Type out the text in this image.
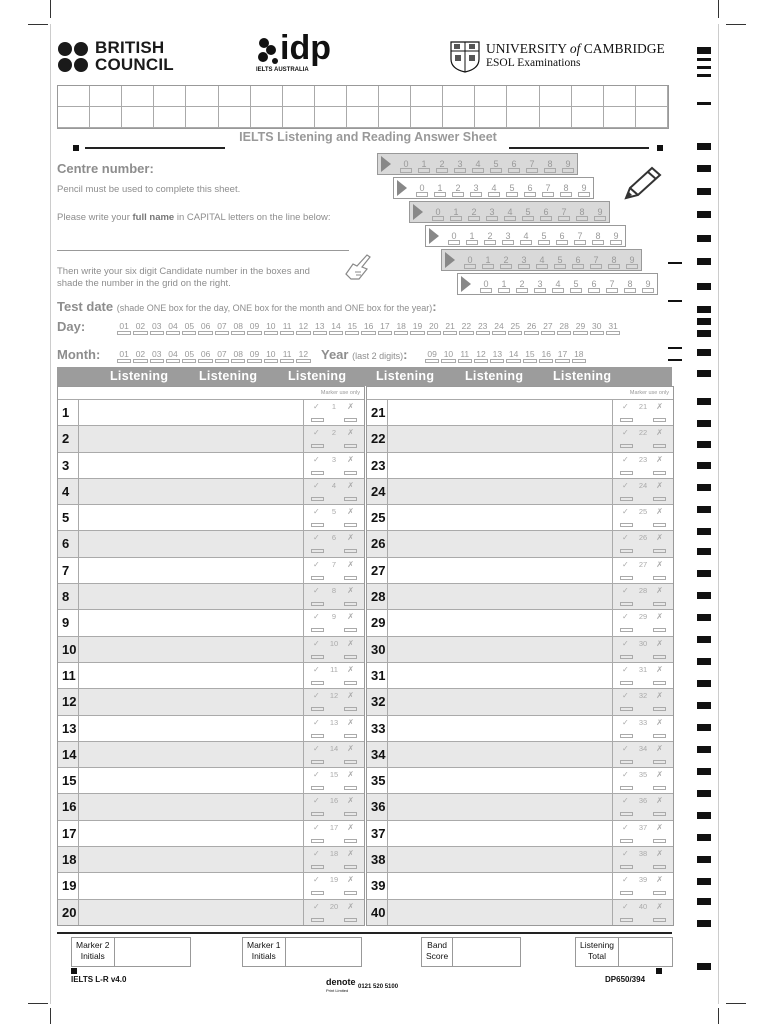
BRITISH
COUNCIL	idp
IELTS AUSTRALIA
UNIVERSITY of CAMBRIDGE
ESOL Examinations
IELTS Listening and Reading Answer Sheet
Centre number:
Pencil must be used to complete this sheet.
Please write your full name in CAPITAL letters on the line below:
Then write your six digit Candidate number in the boxes and shade the number in the grid on the right.
0	1	2	3	4	5	6	7	8	9
0	1	2	3	4	5	6	7	8	9
0	1	2	3	4	5	6	7	8	9
0	1	2	3	4	5	6	7	8	9
0	1	2	3	4	5	6	7	8	9
0	1	2	3	4	5	6	7	8	9
Test date (shade ONE box for the day, ONE box for the month and ONE box for the year):
Day:	01 02 03 04 05 06 07 08 09 10 11 12 13 14 15 16 17 18 19 20 21 22 23 24 25 26 27 28 29 30 31
Month:	01 02 03 04 05 06 07 08 09 10 11 12 Year (last 2 digits):	09 10 11 12 13 14 15 16 17 18
Listening Listening Listening Listening Listening Listening
Marker use only
1	1
✓	✗
2	2
✓	✗
3	3
✓	✗
4	4
✓	✗
5	5
✓	✗
6	6
✓	✗
7	7
✓	✗
8	8
✓	✗
9	9
✓	✗
10	10
✓	✗
11	11
✓	✗
12	12
✓	✗
13	13
✓	✗
14	14
✓	✗
15	15
✓	✗
16	16
✓	✗
17	17
✓	✗
18	18
✓	✗
19	19
✓	✗
20	20
✓	✗
Marker use only
21	21
✓	✗
22	22
✓	✗
23	23
✓	✗
24	24
✓	✗
25	25
✓	✗
26	26
✓	✗
27	27
✓	✗
28	28
✓	✗
29	29
✓	✗
30	30
✓	✗
31	31
✓	✗
32	32
✓	✗
33	33
✓	✗
34	34
✓	✗
35	35
✓	✗
36	36
✓	✗
37	37
✓	✗
38	38
✓	✗
39	39
✓	✗
40	40
✓	✗
Marker 2
Initials
Marker 1
Initials
Band
Score
Listening
Total
IELTS L-R v4.0	denote
Print Limited
0121 520 5100
DP650/394
